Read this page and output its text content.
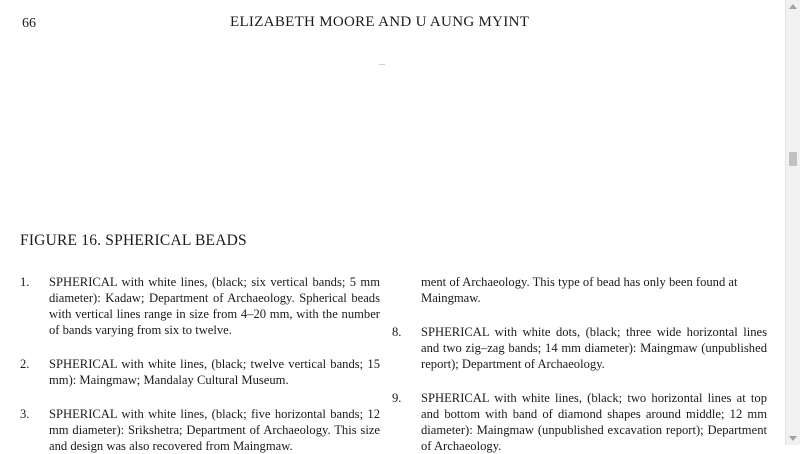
66	ELIZABETH MOORE AND U AUNG MYINT
FIGURE 16. SPHERICAL BEADS
1. SPHERICAL with white lines, (black; six vertical bands; 5 mm diameter): Kadaw; Department of Archaeology. Spherical beads with vertical lines range in size from 4–20 mm, with the number of bands varying from six to twelve.
2. SPHERICAL with white lines, (black; twelve vertical bands; 15 mm): Maingmaw; Mandalay Cultural Museum.
3. SPHERICAL with white lines, (black; five horizontal bands; 12 mm diameter): Srikshetra; Department of Archaeology. This size and design was also recovered from Maingmaw.
ment of Archaeology. This type of bead has only been found at Maingmaw.
8. SPHERICAL with white dots, (black; three wide horizontal lines and two zig–zag bands; 14 mm diameter): Maingmaw (unpublished report); Department of Archaeology.
9. SPHERICAL with white lines, (black; two horizontal lines at top and bottom with band of diamond shapes around middle; 12 mm diameter): Maingmaw (unpublished excavation report); Department of Archaeology.
